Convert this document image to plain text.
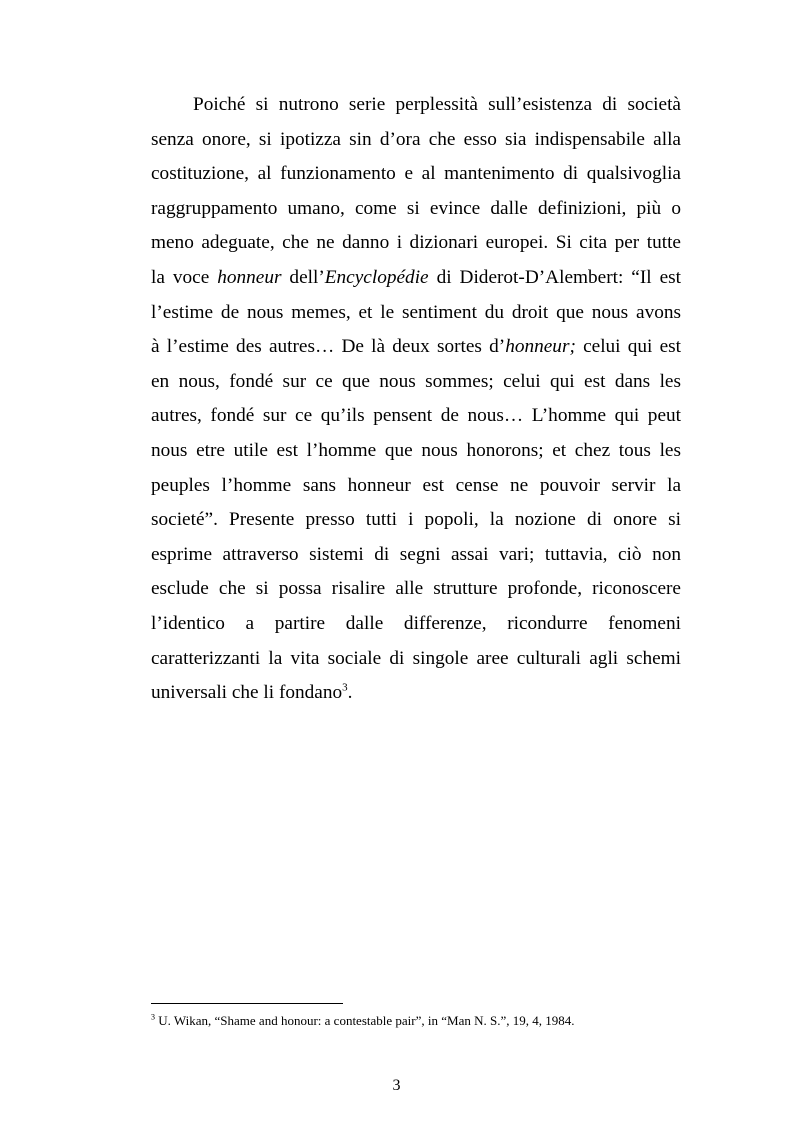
Poiché si nutrono serie perplessità sull’esistenza di società
senza onore, si ipotizza sin d’ora che esso sia indispensabile alla
costituzione, al funzionamento e al mantenimento di qualsivoglia
raggruppamento umano, come si evince dalle definizioni, più o
meno adeguate, che ne danno i dizionari europei. Si cita per tutte
la voce honneur dell’Encyclopédie di Diderot-D’Alembert: “Il est
l’estime de nous memes, et le sentiment du droit que nous avons
à l’estime des autres… De là deux sortes d’honneur; celui qui est
en nous, fondé sur ce que nous sommes; celui qui est dans les
autres, fondé sur ce qu’ils pensent de nous… L’homme qui peut
nous etre utile est l’homme que nous honorons; et chez tous les
peuples l’homme sans honneur est cense ne pouvoir servir la
societé”. Presente presso tutti i popoli, la nozione di onore si
esprime attraverso sistemi di segni assai vari; tuttavia, ciò non
esclude che si possa risalire alle strutture profonde, riconoscere
l’identico a partire dalle differenze, ricondurre fenomeni
caratterizzanti la vita sociale di singole aree culturali agli schemi
universali che li fondano$^3$.
$^3$ U. Wikan, “Shame and honour: a contestable pair”, in “Man N. S.”, 19, 4, 1984.
3
